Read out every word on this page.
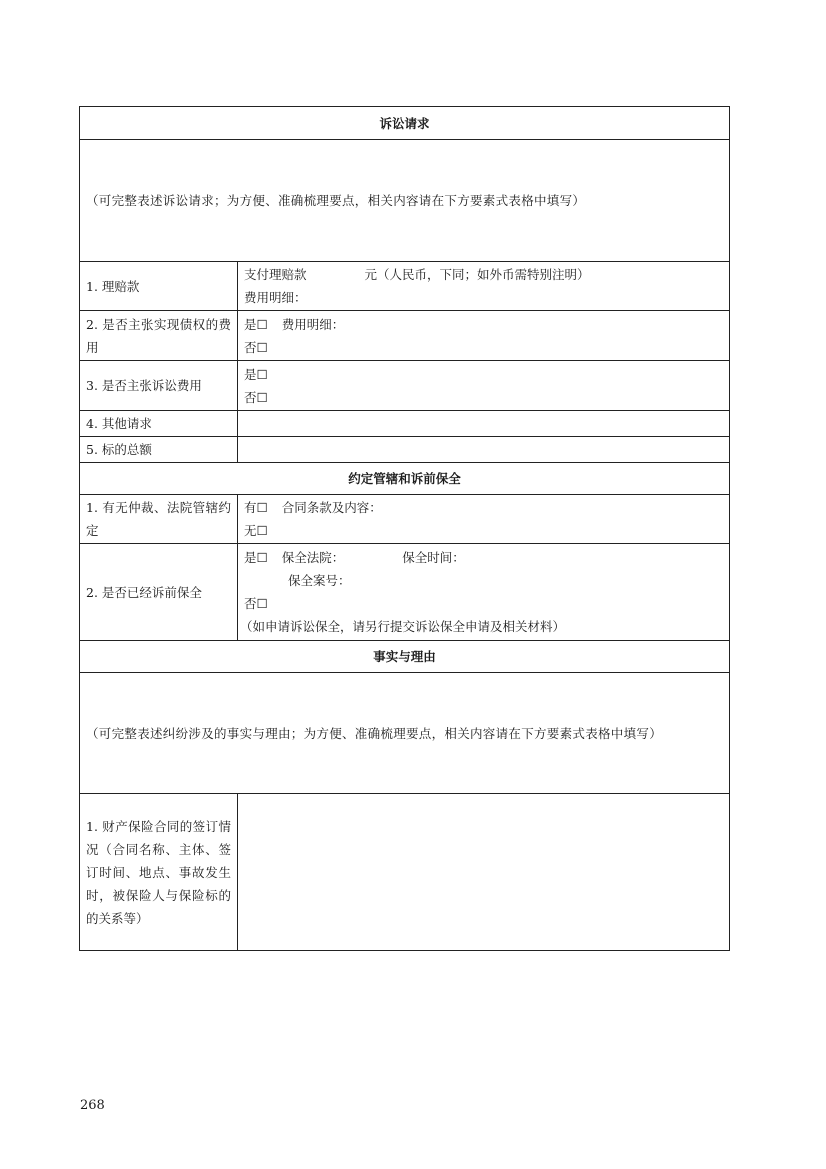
诉讼请求	
（可完整表述诉讼请求；为方便、准确梳理要点，相关内容请在下方要素式表格中填写）	
1. 理赔款	支付理赔款 元（人民币，下同；如外币需特别注明）
费用明细：

2. 是否主张实现债权的费用	是☐ 费用明细：
否☐

3. 是否主张诉讼费用	是☐
否☐

4. 其他请求	
5. 标的总额	
约定管辖和诉前保全	
1. 有无仲裁、法院管辖约定	有☐ 合同条款及内容：
无☐

2. 是否已经诉前保全	是☐ 保全法院： 保全时间：
保全案号：
否☐
（如申请诉讼保全，请另行提交诉讼保全申请及相关材料）

事实与理由	
（可完整表述纠纷涉及的事实与理由；为方便、准确梳理要点，相关内容请在下方要素式表格中填写）	
1. 财产保险合同的签订情况（合同名称、主体、签订时间、地点、事故发生时，被保险人与保险标的的关系等）	
268
